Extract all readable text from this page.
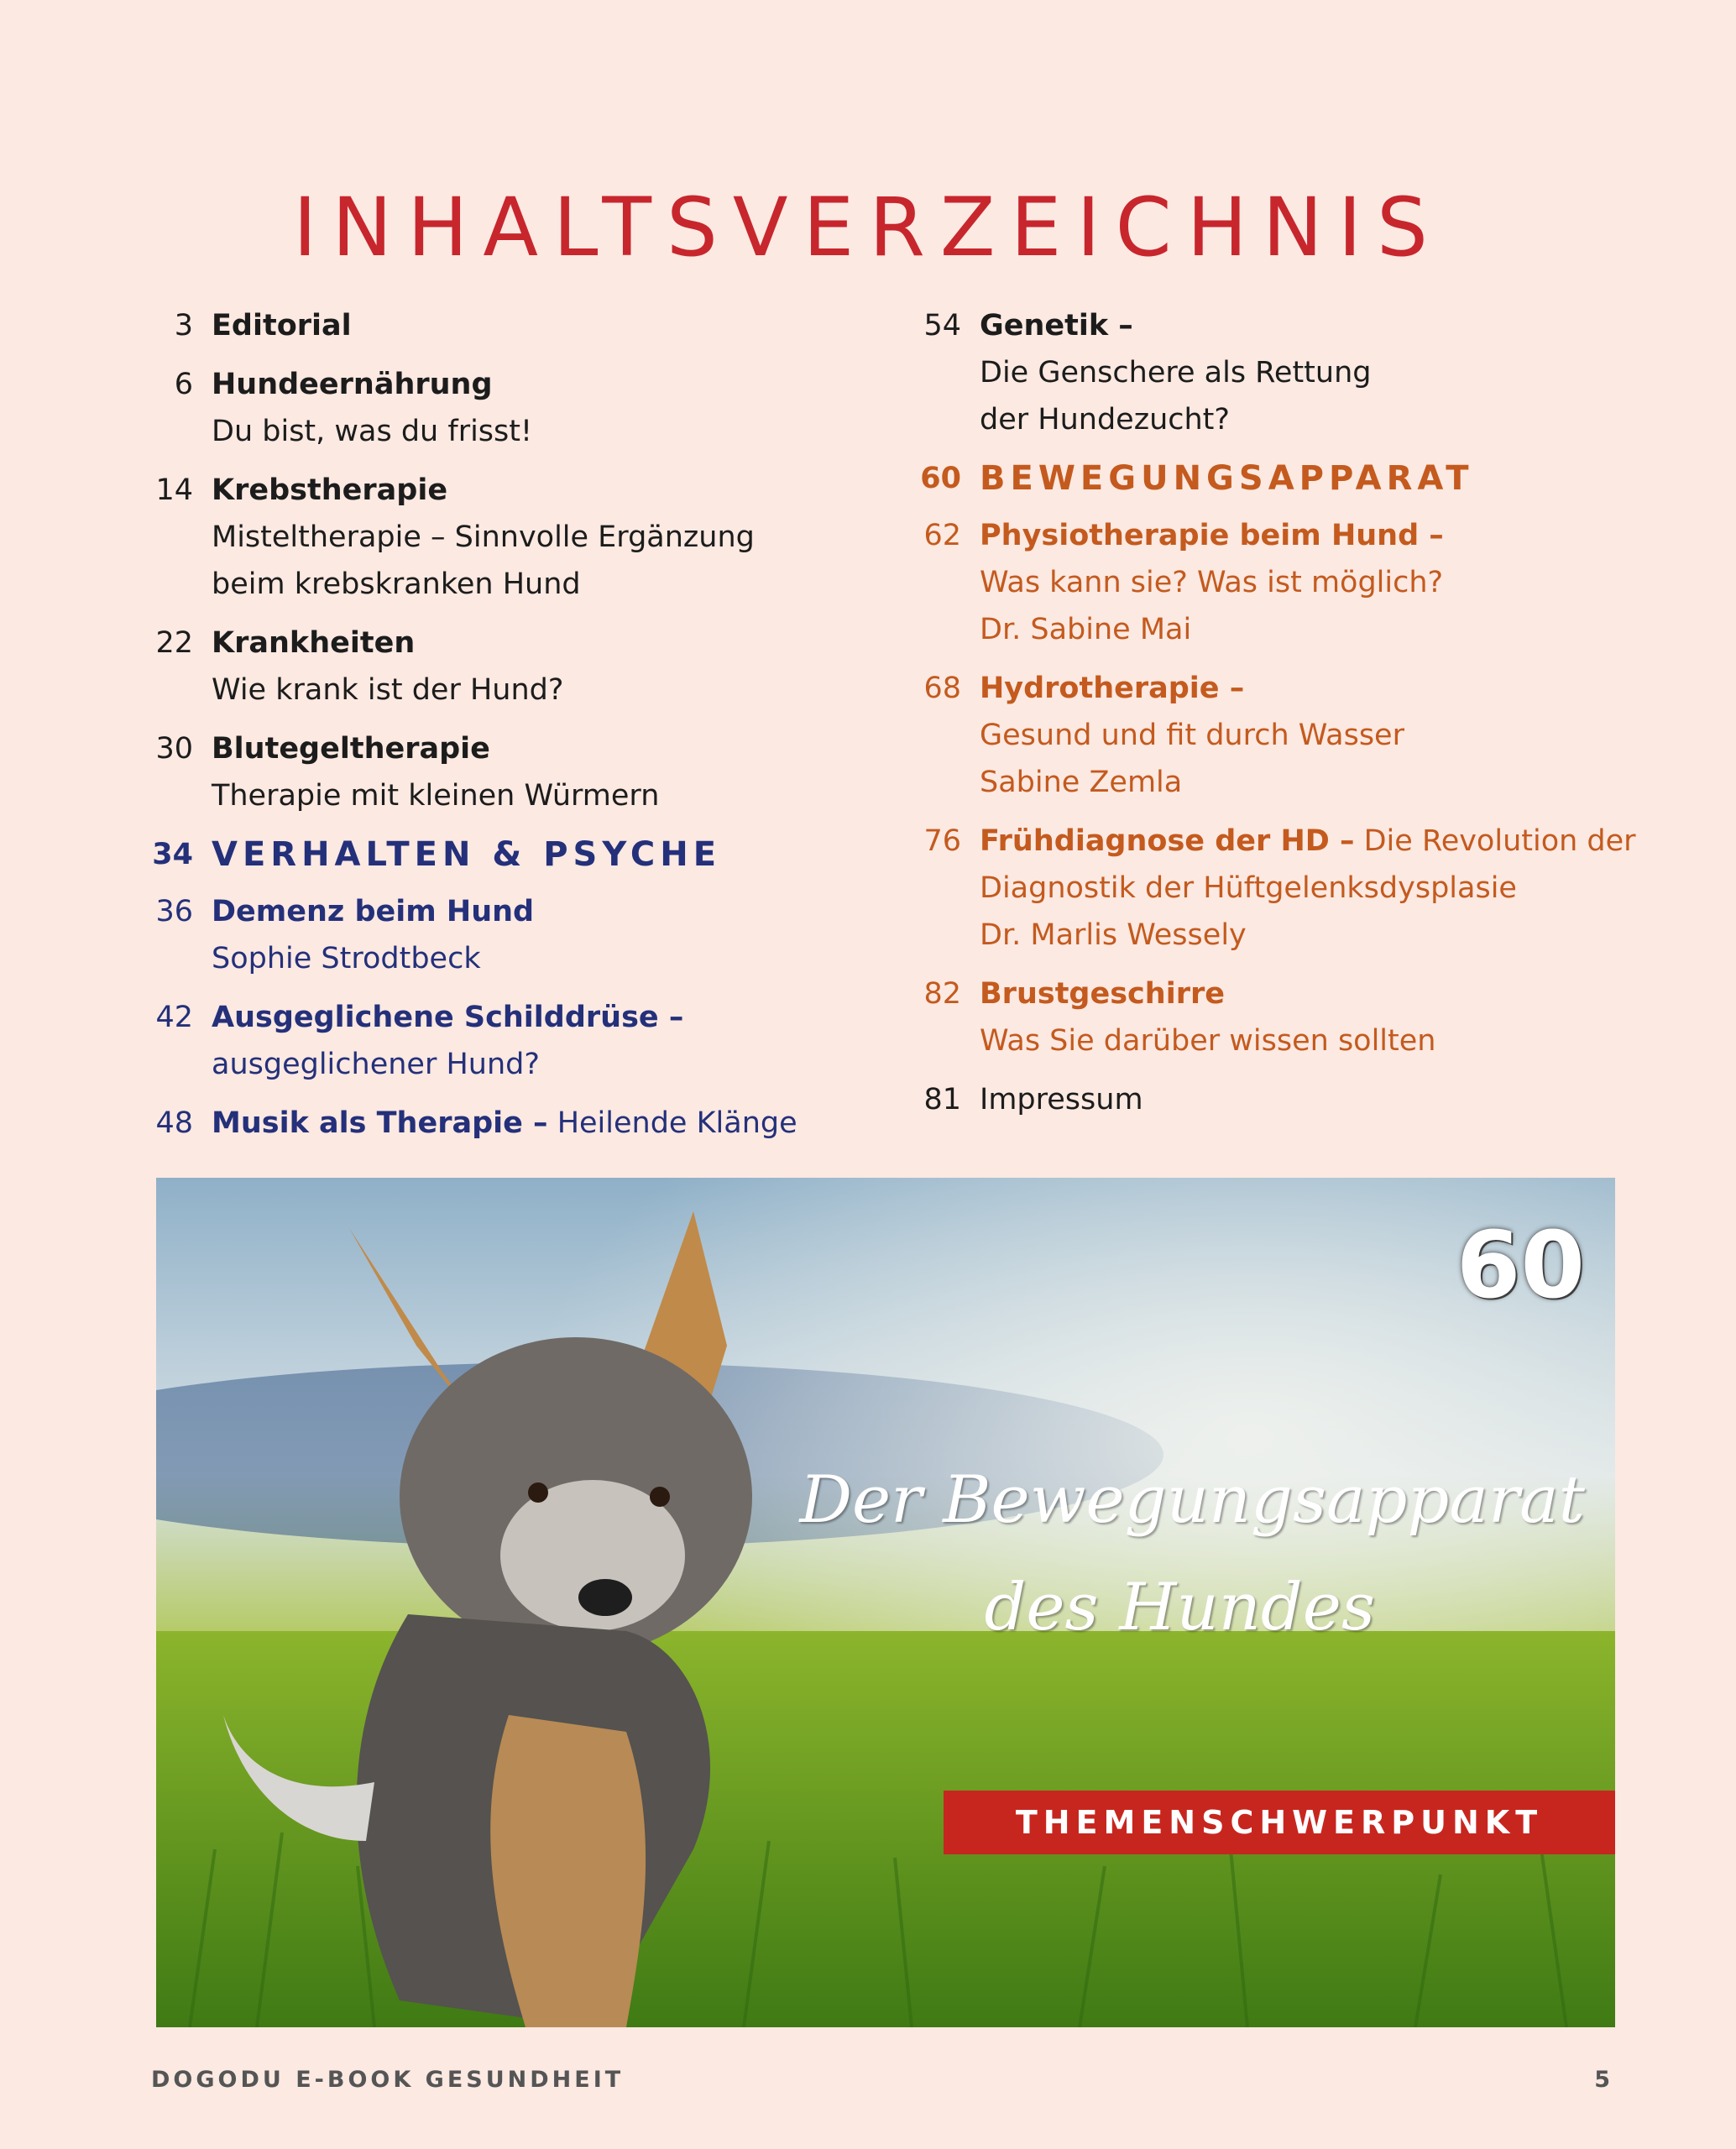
INHALTSVERZEICHNIS
3 Editorial
6 Hundeernährung
Du bist, was du frisst!
14 Krebstherapie
Misteltherapie – Sinnvolle Ergänzung
beim krebskranken Hund
22 Krankheiten
Wie krank ist der Hund?
30 Blutegeltherapie
Therapie mit kleinen Würmern
34 VERHALTEN & PSYCHE
36 Demenz beim Hund
Sophie Strodtbeck
42 Ausgeglichene Schilddrüse –
ausgeglichener Hund?
48 Musik als Therapie – Heilende Klänge
54 Genetik –
Die Genschere als Rettung
der Hundezucht?
60 BEWEGUNGSAPPARAT
62 Physiotherapie beim Hund –
Was kann sie? Was ist möglich?
Dr. Sabine Mai
68 Hydrotherapie –
Gesund und fit durch Wasser
Sabine Zemla
76 Frühdiagnose der HD – Die Revolution der
Diagnostik der Hüftgelenksdysplasie
Dr. Marlis Wessely
82 Brustgeschirre
Was Sie darüber wissen sollten
81 Impressum
60
Der Bewegungsapparat
des Hundes
THEMENSCHWERPUNKT
DOGODU E-BOOK GESUNDHEIT	5
